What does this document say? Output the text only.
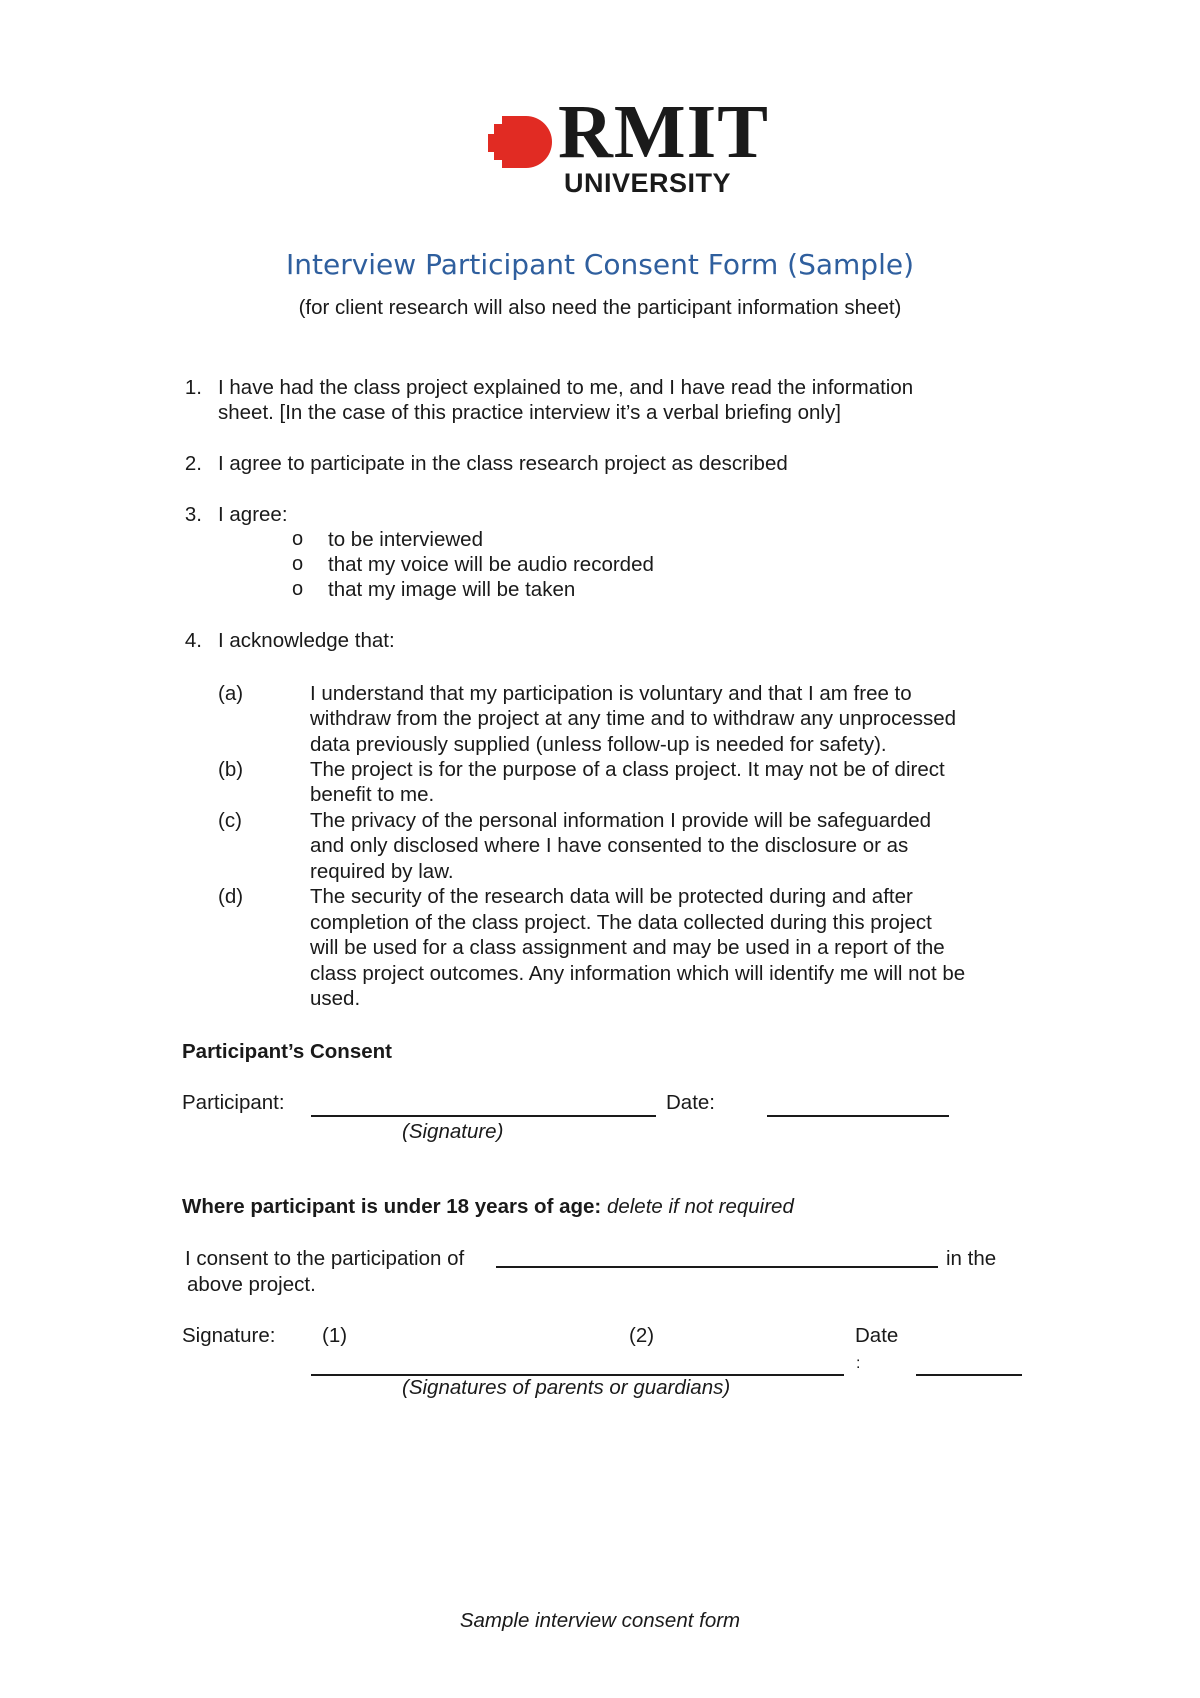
RMIT
UNIVERSITY
Interview Participant Consent Form (Sample)
(for client research will also need the participant information sheet)
1. I have had the class project explained to me, and I have read the information
sheet. [In the case of this practice interview it’s a verbal briefing only]
2. I agree to participate in the class research project as described
3. I agree:
o to be interviewed
o that my voice will be audio recorded
o that my image will be taken
4. I acknowledge that:
(a)	I understand that my participation is voluntary and that I am free to
withdraw from the project at any time and to withdraw any unprocessed
data previously supplied (unless follow-up is needed for safety).
(b)	The project is for the purpose of a class project. It may not be of direct
benefit to me.
(c)	The privacy of the personal information I provide will be safeguarded
and only disclosed where I have consented to the disclosure or as
required by law.
(d)	The security of the research data will be protected during and after
completion of the class project. The data collected during this project
will be used for a class assignment and may be used in a report of the
class project outcomes. Any information which will identify me will not be
used.
Participant’s Consent
Participant:	Date:
(Signature)
Where participant is under 18 years of age: delete if not required
I consent to the participation of	in the
above project.
Signature: (1)	(2)	Date
:
(Signatures of parents or guardians)
Sample interview consent form
